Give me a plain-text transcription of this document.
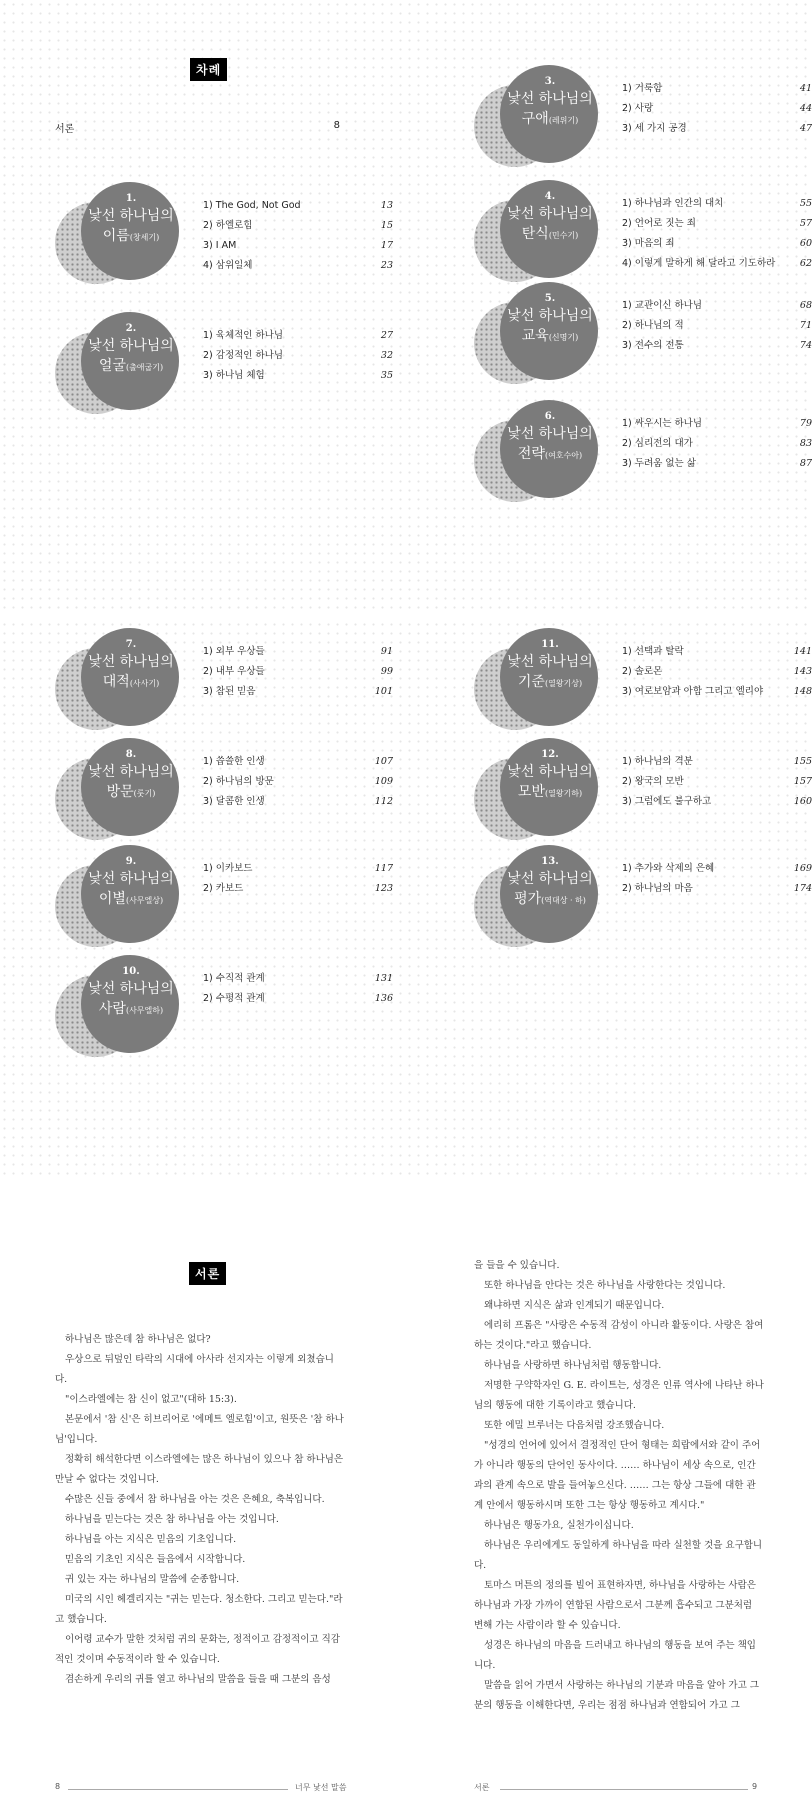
차례
서론	8
1.
낯선 하나님의
이름(창세기)
1) The God, Not God	13
2) 하엘로힘	15
3) I AM	17
4) 삼위일체	23
2.
낯선 하나님의
얼굴(출애굽기)
1) 육체적인 하나님	27
2) 감정적인 하나님	32
3) 하나님 체험	35
3.
낯선 하나님의
구애(레위기)
1) 거룩함	41
2) 사랑	44
3) 세 가지 공경	47
4.
낯선 하나님의
탄식(민수기)
1) 하나님과 인간의 대치	55
2) 언어로 짓는 죄	57
3) 마음의 죄	60
4) 이렇게 말하게 해 달라고 기도하라	62
5.
낯선 하나님의
교육(신명기)
1) 교관이신 하나님	68
2) 하나님의 적	71
3) 전수의 전통	74
6.
낯선 하나님의
전략(여호수아)
1) 싸우시는 하나님	79
2) 심리전의 대가	83
3) 두려움 없는 삶	87
7.
낯선 하나님의
대적(사사기)
1) 외부 우상들	91
2) 내부 우상들	99
3) 참된 믿음	101
8.
낯선 하나님의
방문(룻기)
1) 씁쓸한 인생	107
2) 하나님의 방문	109
3) 달콤한 인생	112
9.
낯선 하나님의
이별(사무엘상)
1) 이카보드	117
2) 카보드	123
10.
낯선 하나님의
사람(사무엘하)
1) 수직적 관계	131
2) 수평적 관계	136
11.
낯선 하나님의
기준(열왕기상)
1) 선택과 탈락	141
2) 솔로몬	143
3) 여로보암과 아합 그리고 엘리야	148
12.
낯선 하나님의
모반(열왕기하)
1) 하나님의 격분	155
2) 왕국의 모반	157
3) 그럼에도 불구하고	160
13.
낯선 하나님의
평가(역대상 · 하)
1) 추가와 삭제의 은혜	169
2) 하나님의 마음	174
서론

하나님은 많은데 참 하나님은 없다?

우상으로 뒤덮인 타락의 시대에 아사라 선지자는 이렇게 외쳤습니다.

"이스라엘에는 참 신이 없고"(대하 15:3).

본문에서 '참 신'은 히브리어로 '에메트 엘로힘'이고, 원뜻은 '참 하나님'입니다.

정확히 해석한다면 이스라엘에는 많은 하나님이 있으나 참 하나님은 만날 수 없다는 것입니다.

수많은 신들 중에서 참 하나님을 아는 것은 은혜요, 축복입니다.

하나님을 믿는다는 것은 참 하나님을 아는 것입니다.

하나님을 아는 지식은 믿음의 기초입니다.

믿음의 기초인 지식은 들음에서 시작합니다.

귀 있는 자는 하나님의 말씀에 순종합니다.

미국의 시인 헤겔리지는 "귀는 믿는다. 청소한다. 그리고 믿는다."라고 했습니다.

이어령 교수가 말한 것처럼 귀의 문화는, 정적이고 감정적이고 직감적인 것이며 수동적이라 할 수 있습니다.

겸손하게 우리의 귀를 열고 하나님의 말씀을 들을 때 그분의 음성

을 들을 수 있습니다.

또한 하나님을 안다는 것은 하나님을 사랑한다는 것입니다.

왜냐하면 지식은 삶과 인계되기 때문입니다.

에리히 프롬은 "사랑은 수동적 감성이 아니라 활동이다. 사랑은 참여하는 것이다."라고 했습니다.

하나님을 사랑하면 하나님처럼 행동합니다.

저명한 구약학자인 G. E. 라이트는, 성경은 인류 역사에 나타난 하나님의 행동에 대한 기록이라고 했습니다.

또한 에밀 브루너는 다음처럼 강조했습니다.

"성경의 언어에 있어서 결정적인 단어 형태는 희랍에서와 같이 주어가 아니라 행동의 단어인 동사이다. …… 하나님이 세상 속으로, 인간과의 관계 속으로 발을 들여놓으신다. …… 그는 항상 그들에 대한 관계 안에서 행동하시며 또한 그는 항상 행동하고 계시다."

하나님은 행동가요, 실천가이십니다.

하나님은 우리에게도 동일하게 하나님을 따라 실천할 것을 요구합니다.

토마스 머튼의 정의를 빌어 표현하자면, 하나님을 사랑하는 사람은 하나님과 가장 가까이 연합된 사람으로서 그분께 흡수되고 그분처럼 변해 가는 사람이라 할 수 있습니다.

성경은 하나님의 마음을 드러내고 하나님의 행동을 보여 주는 책입니다.

말씀을 읽어 가면서 사랑하는 하나님의 기분과 마음을 알아 가고 그분의 행동을 이해한다면, 우리는 점점 하나님과 연합되어 가고 그

8	너무 낯선 말씀	서론	9
